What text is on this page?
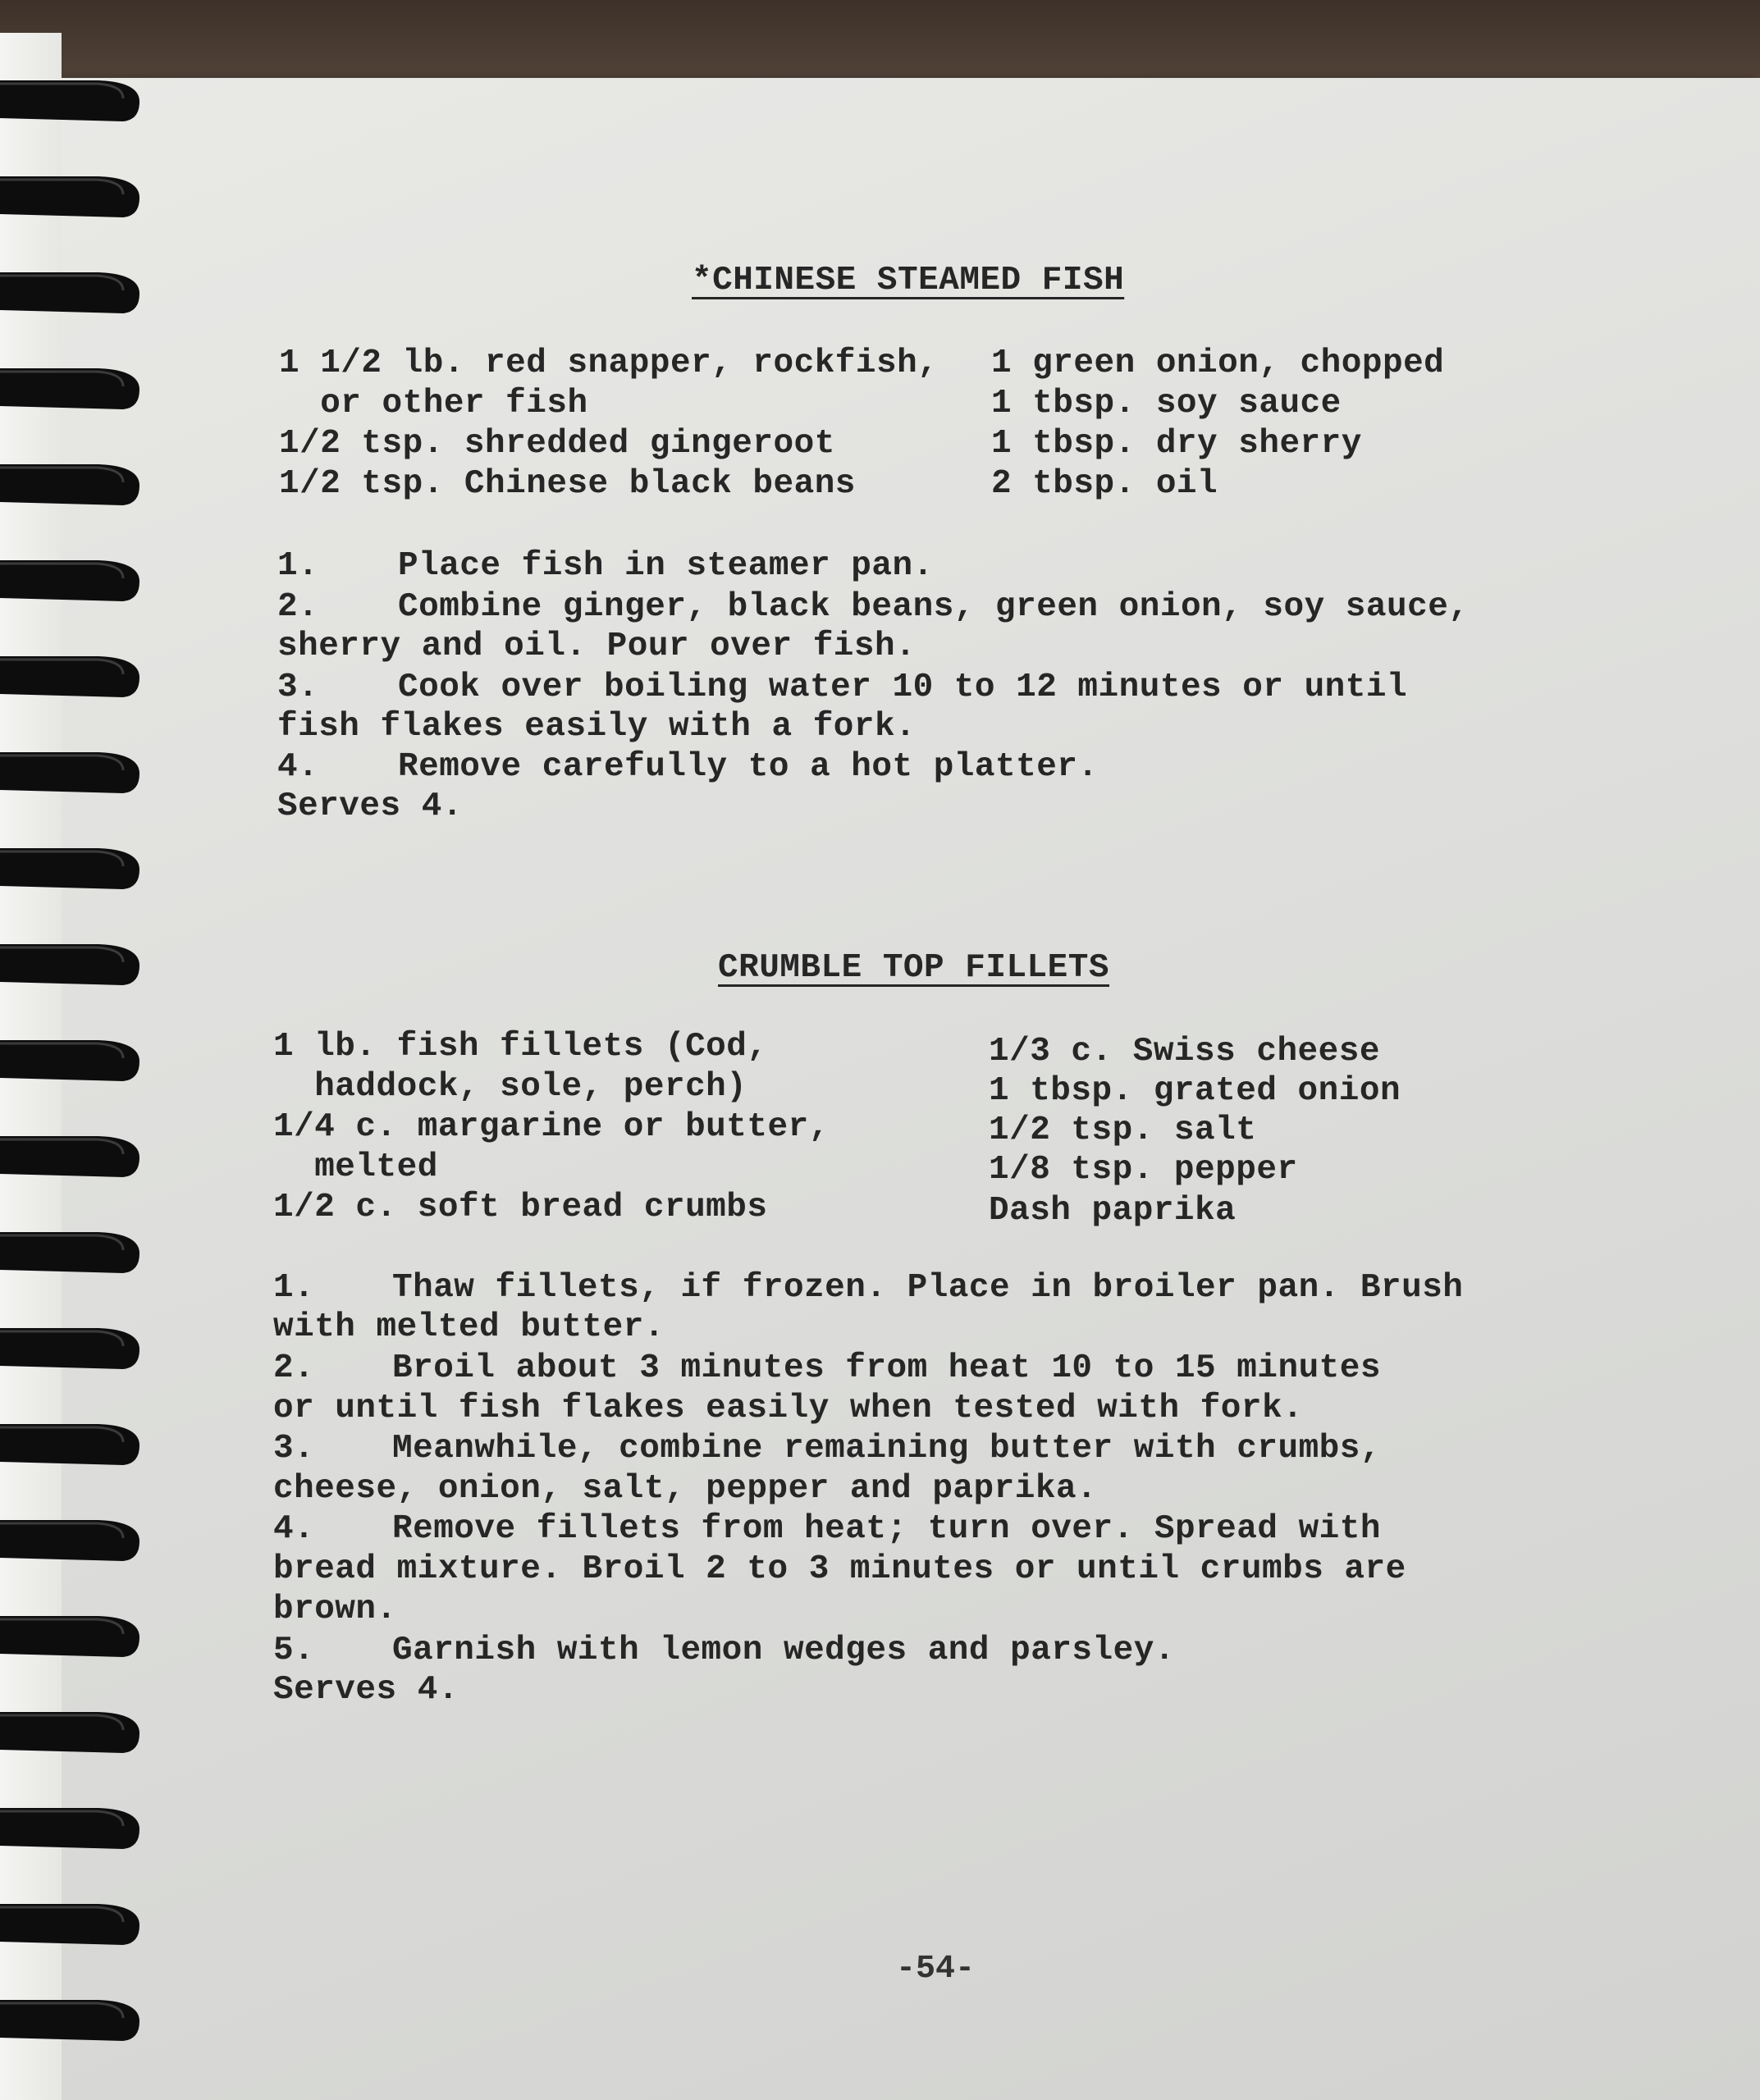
*CHINESE STEAMED FISH

1 1/2 lb. red snapper, rockfish,

or other fish

1/2 tsp. shredded gingeroot

1/2 tsp. Chinese black beans

1 green onion, chopped

1 tbsp. soy sauce

1 tbsp. dry sherry

2 tbsp. oil

1. Place fish in steamer pan.

2. Combine ginger, black beans, green onion, soy sauce,

sherry and oil. Pour over fish.

3. Cook over boiling water 10 to 12 minutes or until

fish flakes easily with a fork.

4. Remove carefully to a hot platter.

Serves 4.

CRUMBLE TOP FILLETS

1 lb. fish fillets (Cod,

haddock, sole, perch)

1/4 c. margarine or butter,

melted

1/2 c. soft bread crumbs

1/3 c. Swiss cheese

1 tbsp. grated onion

1/2 tsp. salt

1/8 tsp. pepper

Dash paprika

1. Thaw fillets, if frozen. Place in broiler pan. Brush

with melted butter.

2. Broil about 3 minutes from heat 10 to 15 minutes

or until fish flakes easily when tested with fork.

3. Meanwhile, combine remaining butter with crumbs,

cheese, onion, salt, pepper and paprika.

4. Remove fillets from heat; turn over. Spread with

bread mixture. Broil 2 to 3 minutes or until crumbs are

brown.

5. Garnish with lemon wedges and parsley.

Serves 4.

-54-
